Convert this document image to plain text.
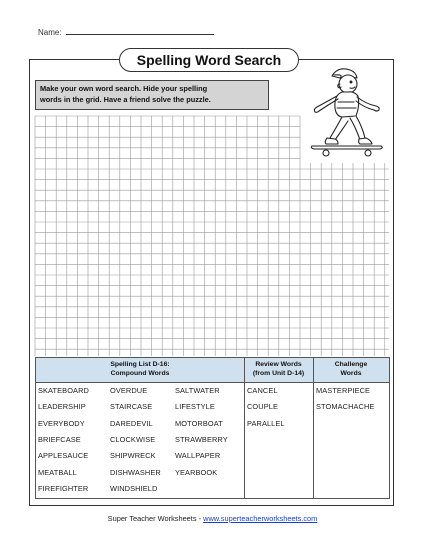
Name:
Spelling Word Search
Make your own word search. Hide your spelling
words in the grid. Have a friend solve the puzzle.
Spelling List D-16:
Compound Words
Review Words
(from Unit D-14)
Challenge
Words
SKATEBOARD
LEADERSHIP
EVERYBODY
BRIEFCASE
APPLESAUCE
MEATBALL
FIREFIGHTER
OVERDUE
STAIRCASE
DAREDEVIL
CLOCKWISE
SHIPWRECK
DISHWASHER
WINDSHIELD
SALTWATER
LIFESTYLE
MOTORBOAT
STRAWBERRY
WALLPAPER
YEARBOOK
CANCEL
COUPLE
PARALLEL
MASTERPIECE
STOMACHACHE
Super Teacher Worksheets - www.superteacherworksheets.com
